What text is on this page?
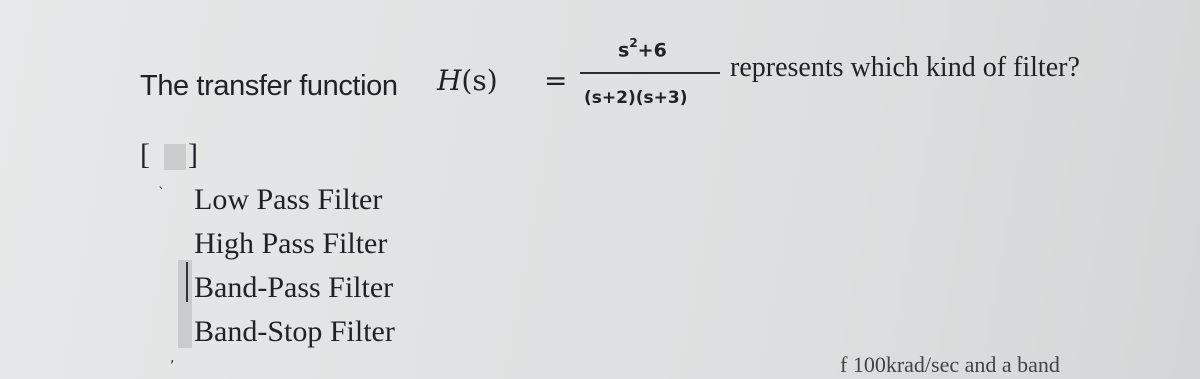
The transfer function H(s) =
$s^2+6$
(s+2)(s+3)
represents which kind of filter?
[ ]
`
,
Low Pass Filter
High Pass Filter
Band-Pass Filter
Band-Stop Filter
f 100krad/sec and a band
